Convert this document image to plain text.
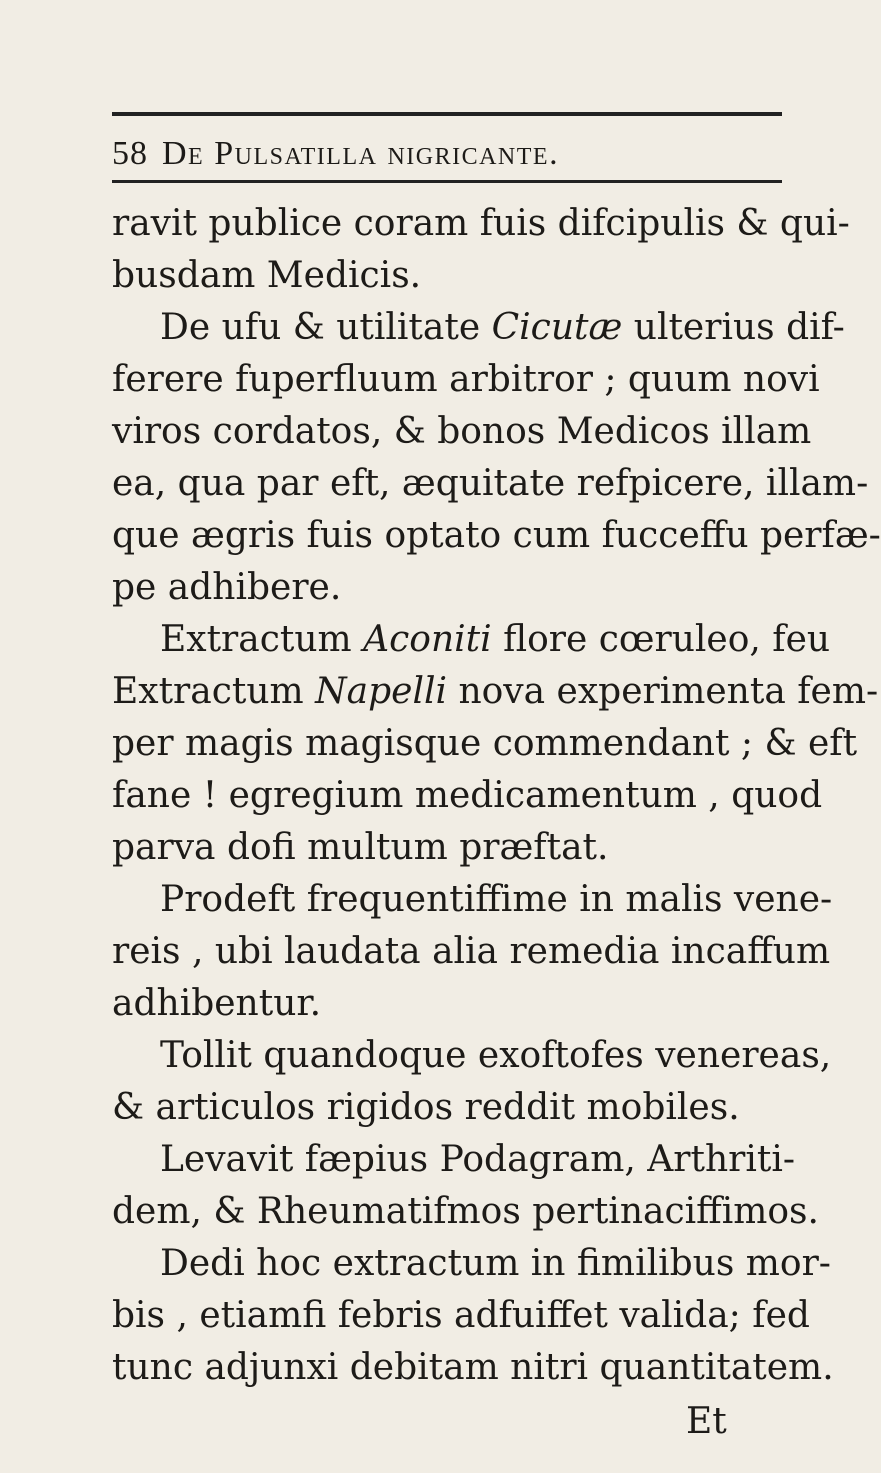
58 De Pulsatilla nigricante.
ravit publice coram fuis difcipulis & qui-
busdam Medicis.
De ufu & utilitate Cicutæ ulterius dif-
ferere fuperfluum arbitror ; quum novi
viros cordatos, & bonos Medicos illam
ea, qua par eft, æquitate refpicere, illam-
que ægris fuis optato cum fucceffu perfæ-
pe adhibere.
Extractum Aconiti flore cœruleo, feu
Extractum Napelli nova experimenta fem-
per magis magisque commendant ; & eft
fane ! egregium medicamentum , quod
parva dofi multum præftat.
Prodeft frequentiffime in malis vene-
reis , ubi laudata alia remedia incaffum
adhibentur.
Tollit quandoque exoftofes venereas,
& articulos rigidos reddit mobiles.
Levavit fæpius Podagram, Arthriti-
dem, & Rheumatifmos pertinaciffimos.
Dedi hoc extractum in fimilibus mor-
bis , etiamfi febris adfuiffet valida; fed
tunc adjunxi debitam nitri quantitatem.
Et
